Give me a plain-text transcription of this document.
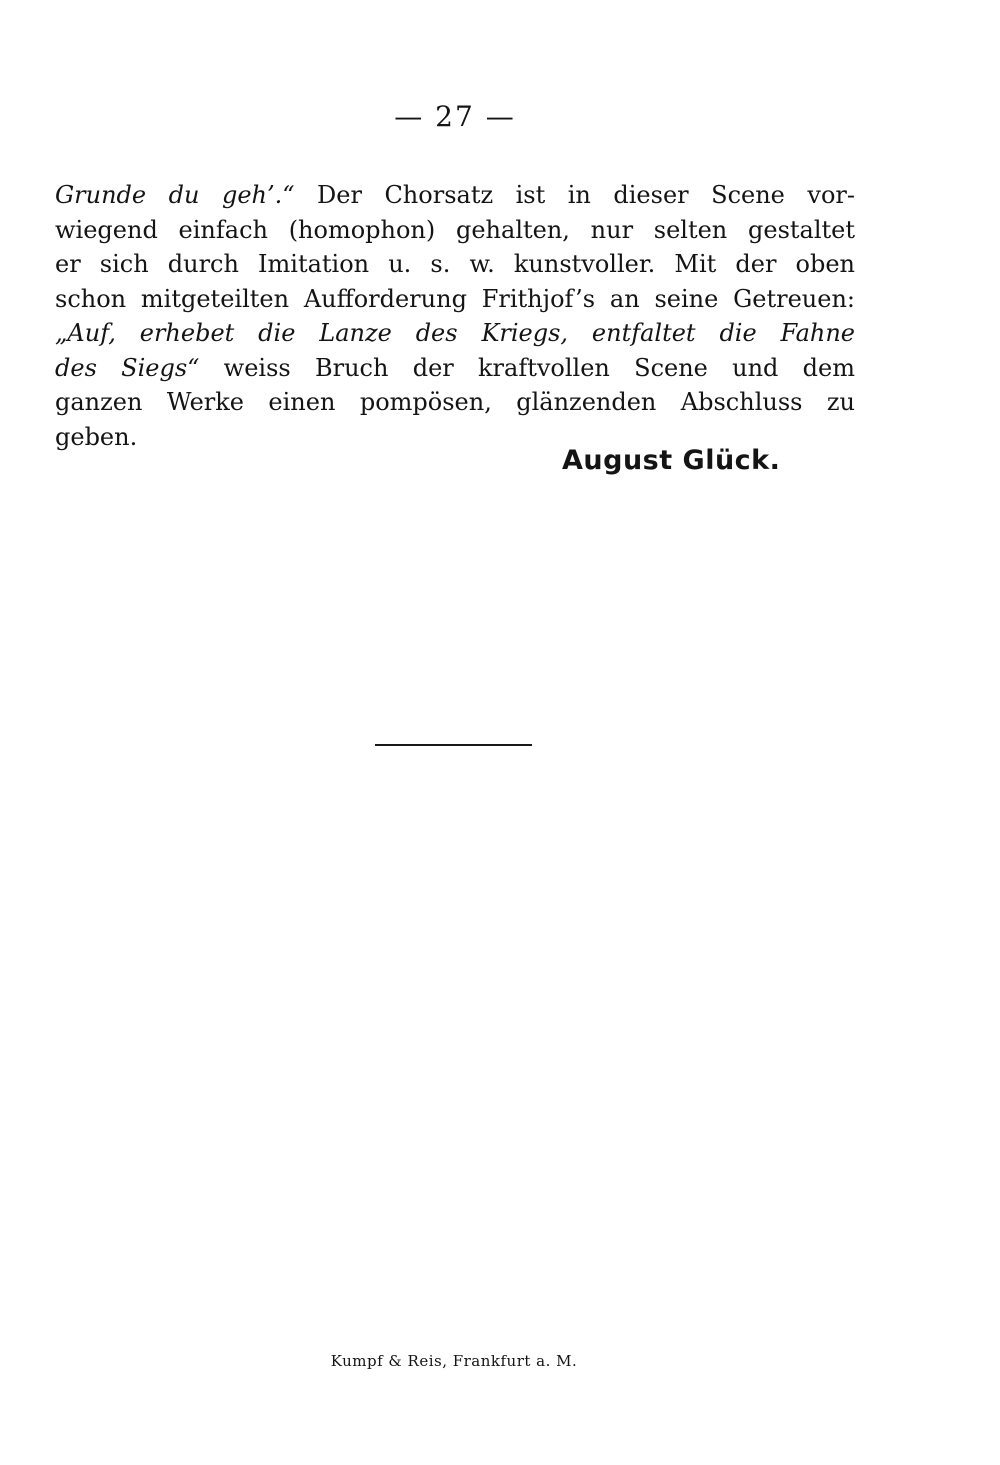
— 27 —
Grunde du geh’.“ Der Chorsatz ist in dieser Scene vor-
wiegend einfach (homophon) gehalten, nur selten gestaltet
er sich durch Imitation u. s. w. kunstvoller. Mit der oben
schon mitgeteilten Aufforderung Frithjof’s an seine Getreuen:
„Auf, erhebet die Lanze des Kriegs, entfaltet die Fahne
des Siegs“ weiss Bruch der kraftvollen Scene und dem
ganzen Werke einen pompösen, glänzenden Abschluss zu
geben.
August Glück.
Kumpf & Reis, Frankfurt a. M.
